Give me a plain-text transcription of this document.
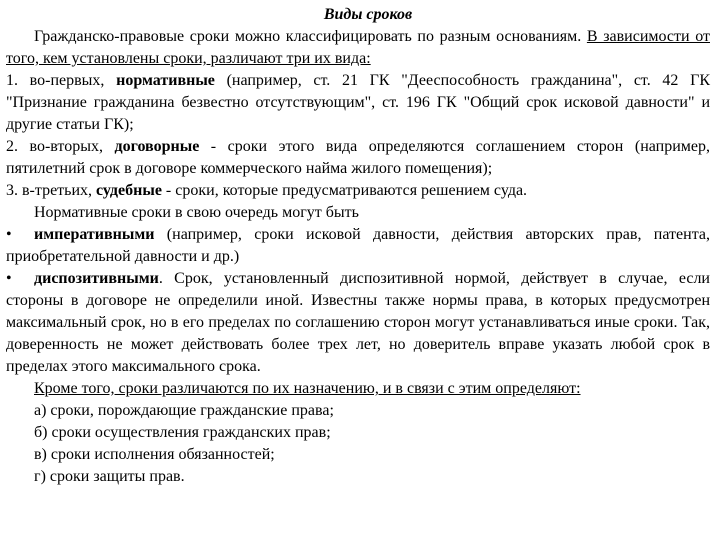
Виды сроков

Гражданско-правовые сроки можно классифицировать по разным основаниям. В зависимости от того, кем установлены сроки, различают три их вида:

1. во-первых, нормативные (например, ст. 21 ГК "Дееспособность гражданина", ст. 42 ГК "Признание гражданина безвестно отсутствующим", ст. 196 ГК "Общий срок исковой давности" и другие статьи ГК);

2. во-вторых, договорные - сроки этого вида определяются соглашением сторон (например, пятилетний срок в договоре коммерческого найма жилого помещения);

3. в-третьих, судебные - сроки, которые предусматриваются решением суда.

Нормативные сроки в свою очередь могут быть

• императивными (например, сроки исковой давности, действия авторских прав, патента, приобретательной давности и др.)

• диспозитивными. Срок, установленный диспозитивной нормой, действует в случае, если стороны в договоре не определили иной. Известны также нормы права, в которых предусмотрен максимальный срок, но в его пределах по соглашению сторон могут устанавливаться иные сроки. Так, доверенность не может действовать более трех лет, но доверитель вправе указать любой срок в пределах этого максимального срока.

Кроме того, сроки различаются по их назначению, и в связи с этим определяют:

а) сроки, порождающие гражданские права;

б) сроки осуществления гражданских прав;

в) сроки исполнения обязанностей;

г) сроки защиты прав.
